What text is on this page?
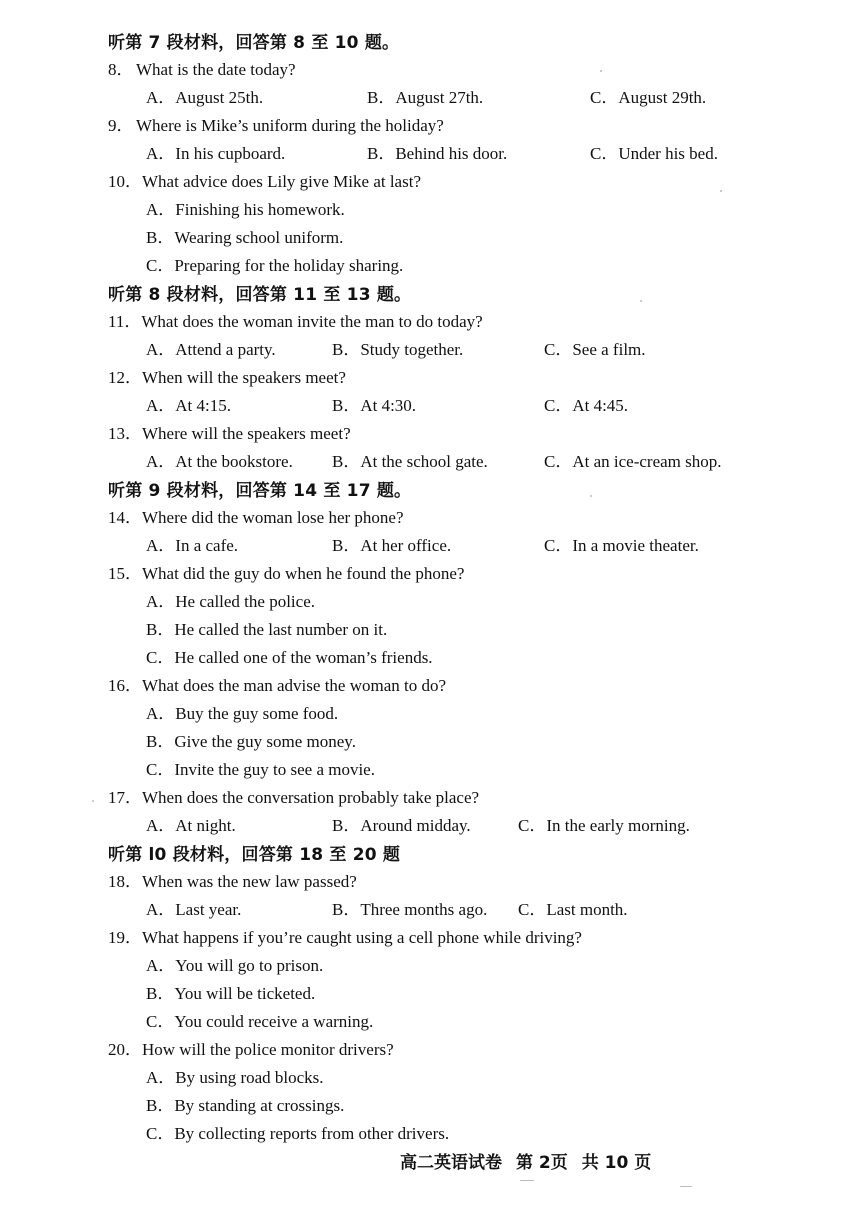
听第 7 段材料，回答第 8 至 10 题。
8． What is the date today?
A．August 25th.	B．August 27th.	C．August 29th.
9． Where is Mike’s uniform during the holiday?
A．In his cupboard.	B．Behind his door.	C．Under his bed.
10．What advice does Lily give Mike at last?
A．Finishing his homework.
B．Wearing school uniform.
C．Preparing for the holiday sharing.
听第 8 段材料，回答第 11 至 13 题。
11．What does the woman invite the man to do today?
A．Attend a party.	B．Study together.	C．See a film.
12．When will the speakers meet?
A．At 4:15.	B．At 4:30.	C．At 4:45.
13．Where will the speakers meet?
A．At the bookstore. B．At the school gate.	C．At an ice-cream shop.
听第 9 段材料，回答第 14 至 17 题。
14．Where did the woman lose her phone?
A．In a cafe.	B．At her office.	C．In a movie theater.
15．What did the guy do when he found the phone?
A．He called the police.
B．He called the last number on it.
C．He called one of the woman’s friends.
16．What does the man advise the woman to do?
A．Buy the guy some food.
B．Give the guy some money.
C．Invite the guy to see a movie.
17．When does the conversation probably take place?
A．At night.	B．Around midday.	C．In the early morning.
听第 l0 段材料，回答第 18 至 20 题
18．When was the new law passed?
A．Last year.	B．Three months ago. C．Last month.
19．What happens if you’re caught using a cell phone while driving?
A．You will go to prison.
B．You will be ticketed.
C．You could receive a warning.
20．How will the police monitor drivers?
A．By using road blocks.
B．By standing at crossings.
C．By collecting reports from other drivers.
高二英语试卷 第 2页 共 10 页
